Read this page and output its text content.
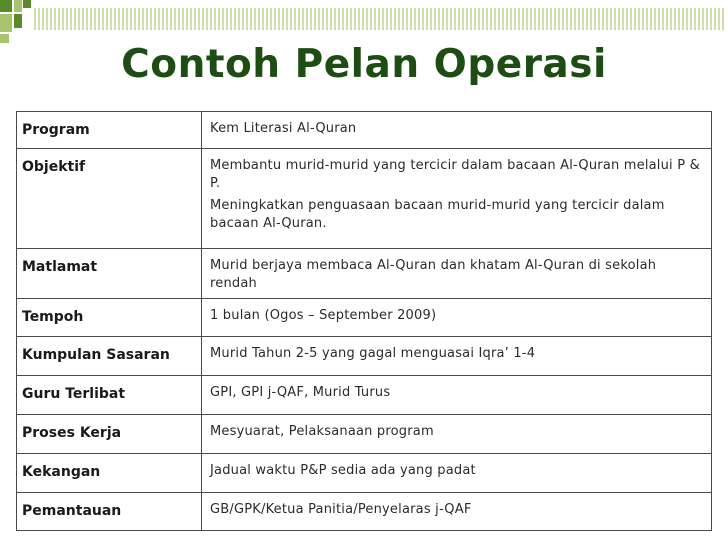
Contoh Pelan Operasi
Program	Kem Literasi Al-Quran

Objektif	Membantu murid-murid yang tercicir dalam bacaan Al-Quran melalui P & P.

Meningkatkan penguasaan bacaan murid-murid yang tercicir dalam bacaan Al-Quran.

Matlamat	Murid berjaya membaca Al-Quran dan khatam Al-Quran di sekolah rendah

Tempoh	1 bulan (Ogos – September 2009)

Kumpulan Sasaran	Murid Tahun 2-5 yang gagal menguasai Iqra’ 1-4

Guru Terlibat	GPI, GPI j-QAF, Murid Turus

Proses Kerja	Mesyuarat, Pelaksanaan program

Kekangan	Jadual waktu P&P sedia ada yang padat

Pemantauan	GB/GPK/Ketua Panitia/Penyelaras j-QAF
